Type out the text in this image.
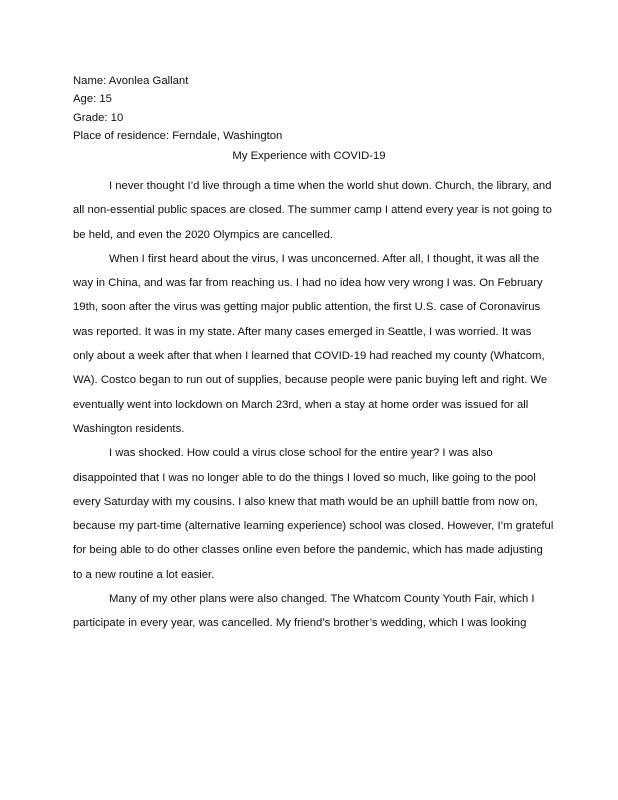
Name: Avonlea Gallant
Age: 15
Grade: 10
Place of residence: Ferndale, Washington
My Experience with COVID-19
I never thought I’d live through a time when the world shut down. Church, the library, and
all non-essential public spaces are closed. The summer camp I attend every year is not going to
be held, and even the 2020 Olympics are cancelled.
When I first heard about the virus, I was unconcerned. After all, I thought, it was all the
way in China, and was far from reaching us. I had no idea how very wrong I was. On February
19th, soon after the virus was getting major public attention, the first U.S. case of Coronavirus
was reported. It was in my state. After many cases emerged in Seattle, I was worried. It was
only about a week after that when I learned that COVID-19 had reached my county (Whatcom,
WA). Costco began to run out of supplies, because people were panic buying left and right. We
eventually went into lockdown on March 23rd, when a stay at home order was issued for all
Washington residents.
I was shocked. How could a virus close school for the entire year? I was also
disappointed that I was no longer able to do the things I loved so much, like going to the pool
every Saturday with my cousins. I also knew that math would be an uphill battle from now on,
because my part-time (alternative learning experience) school was closed. However, I’m grateful
for being able to do other classes online even before the pandemic, which has made adjusting
to a new routine a lot easier.
Many of my other plans were also changed. The Whatcom County Youth Fair, which I
participate in every year, was cancelled. My friend’s brother’s wedding, which I was looking
